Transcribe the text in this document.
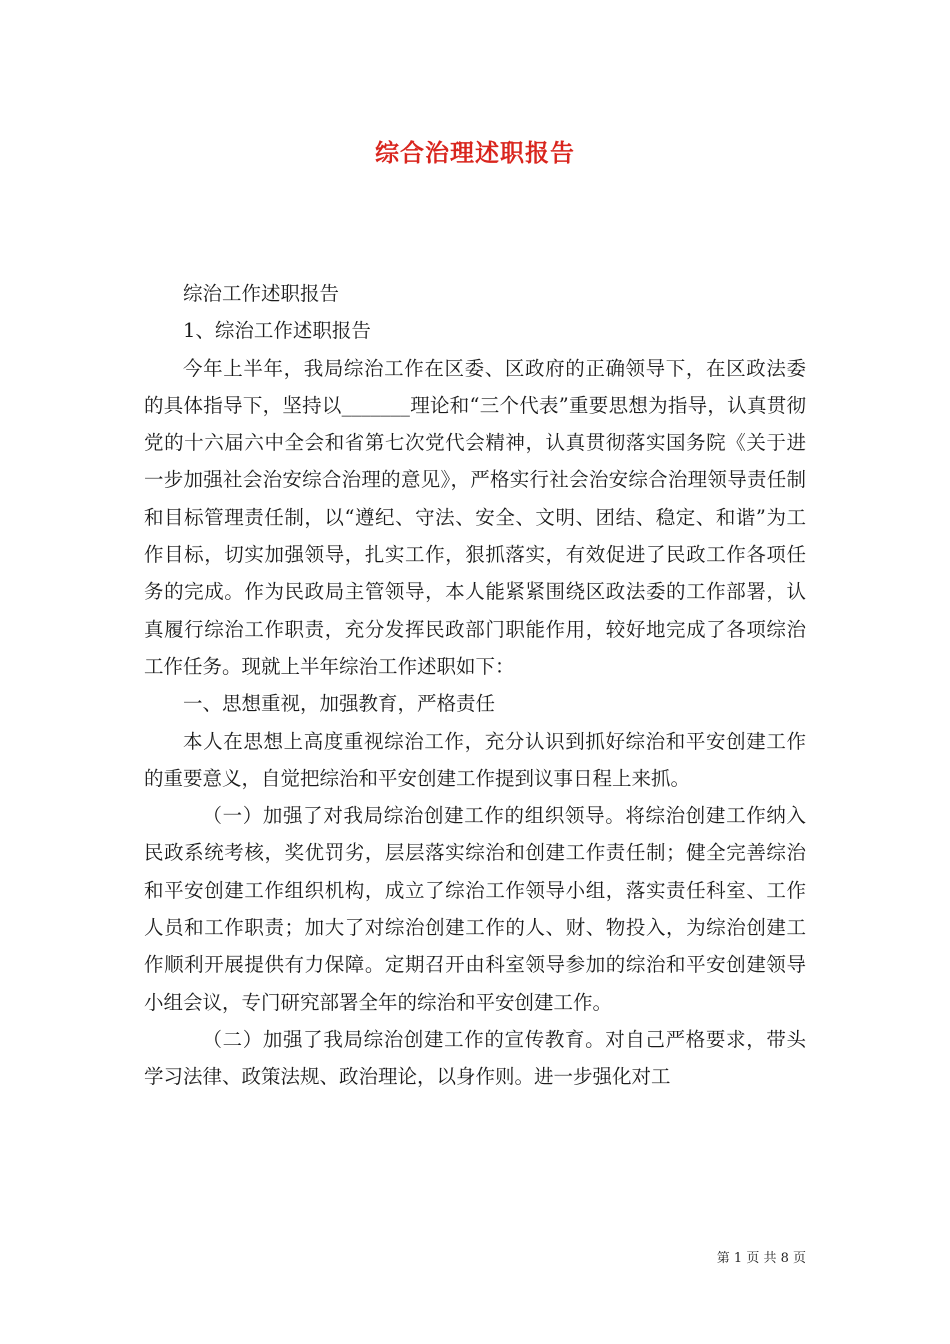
综合治理述职报告

综治工作述职报告

1、综治工作述职报告

今年上半年，我局综治工作在区委、区政府的正确领导下，在区政法委的具体指导下，坚持以_______理论和“三个代表”重要思想为指导，认真贯彻党的十六届六中全会和省第七次党代会精神，认真贯彻落实国务院《关于进一步加强社会治安综合治理的意见》，严格实行社会治安综合治理领导责任制和目标管理责任制，以“遵纪、守法、安全、文明、团结、稳定、和谐”为工作目标，切实加强领导，扎实工作，狠抓落实，有效促进了民政工作各项任务的完成。作为民政局主管领导，本人能紧紧围绕区政法委的工作部署，认真履行综治工作职责，充分发挥民政部门职能作用，较好地完成了各项综治工作任务。现就上半年综治工作述职如下：

一、思想重视，加强教育，严格责任

本人在思想上高度重视综治工作，充分认识到抓好综治和平安创建工作的重要意义，自觉把综治和平安创建工作提到议事日程上来抓。

（一）加强了对我局综治创建工作的组织领导。将综治创建工作纳入民政系统考核，奖优罚劣，层层落实综治和创建工作责任制；健全完善综治和平安创建工作组织机构，成立了综治工作领导小组，落实责任科室、工作人员和工作职责；加大了对综治创建工作的人、财、物投入，为综治创建工作顺利开展提供有力保障。定期召开由科室领导参加的综治和平安创建领导小组会议，专门研究部署全年的综治和平安创建工作。

（二）加强了我局综治创建工作的宣传教育。对自己严格要求，带头学习法律、政策法规、政治理论，以身作则。进一步强化对工

第 1 页 共 8 页
